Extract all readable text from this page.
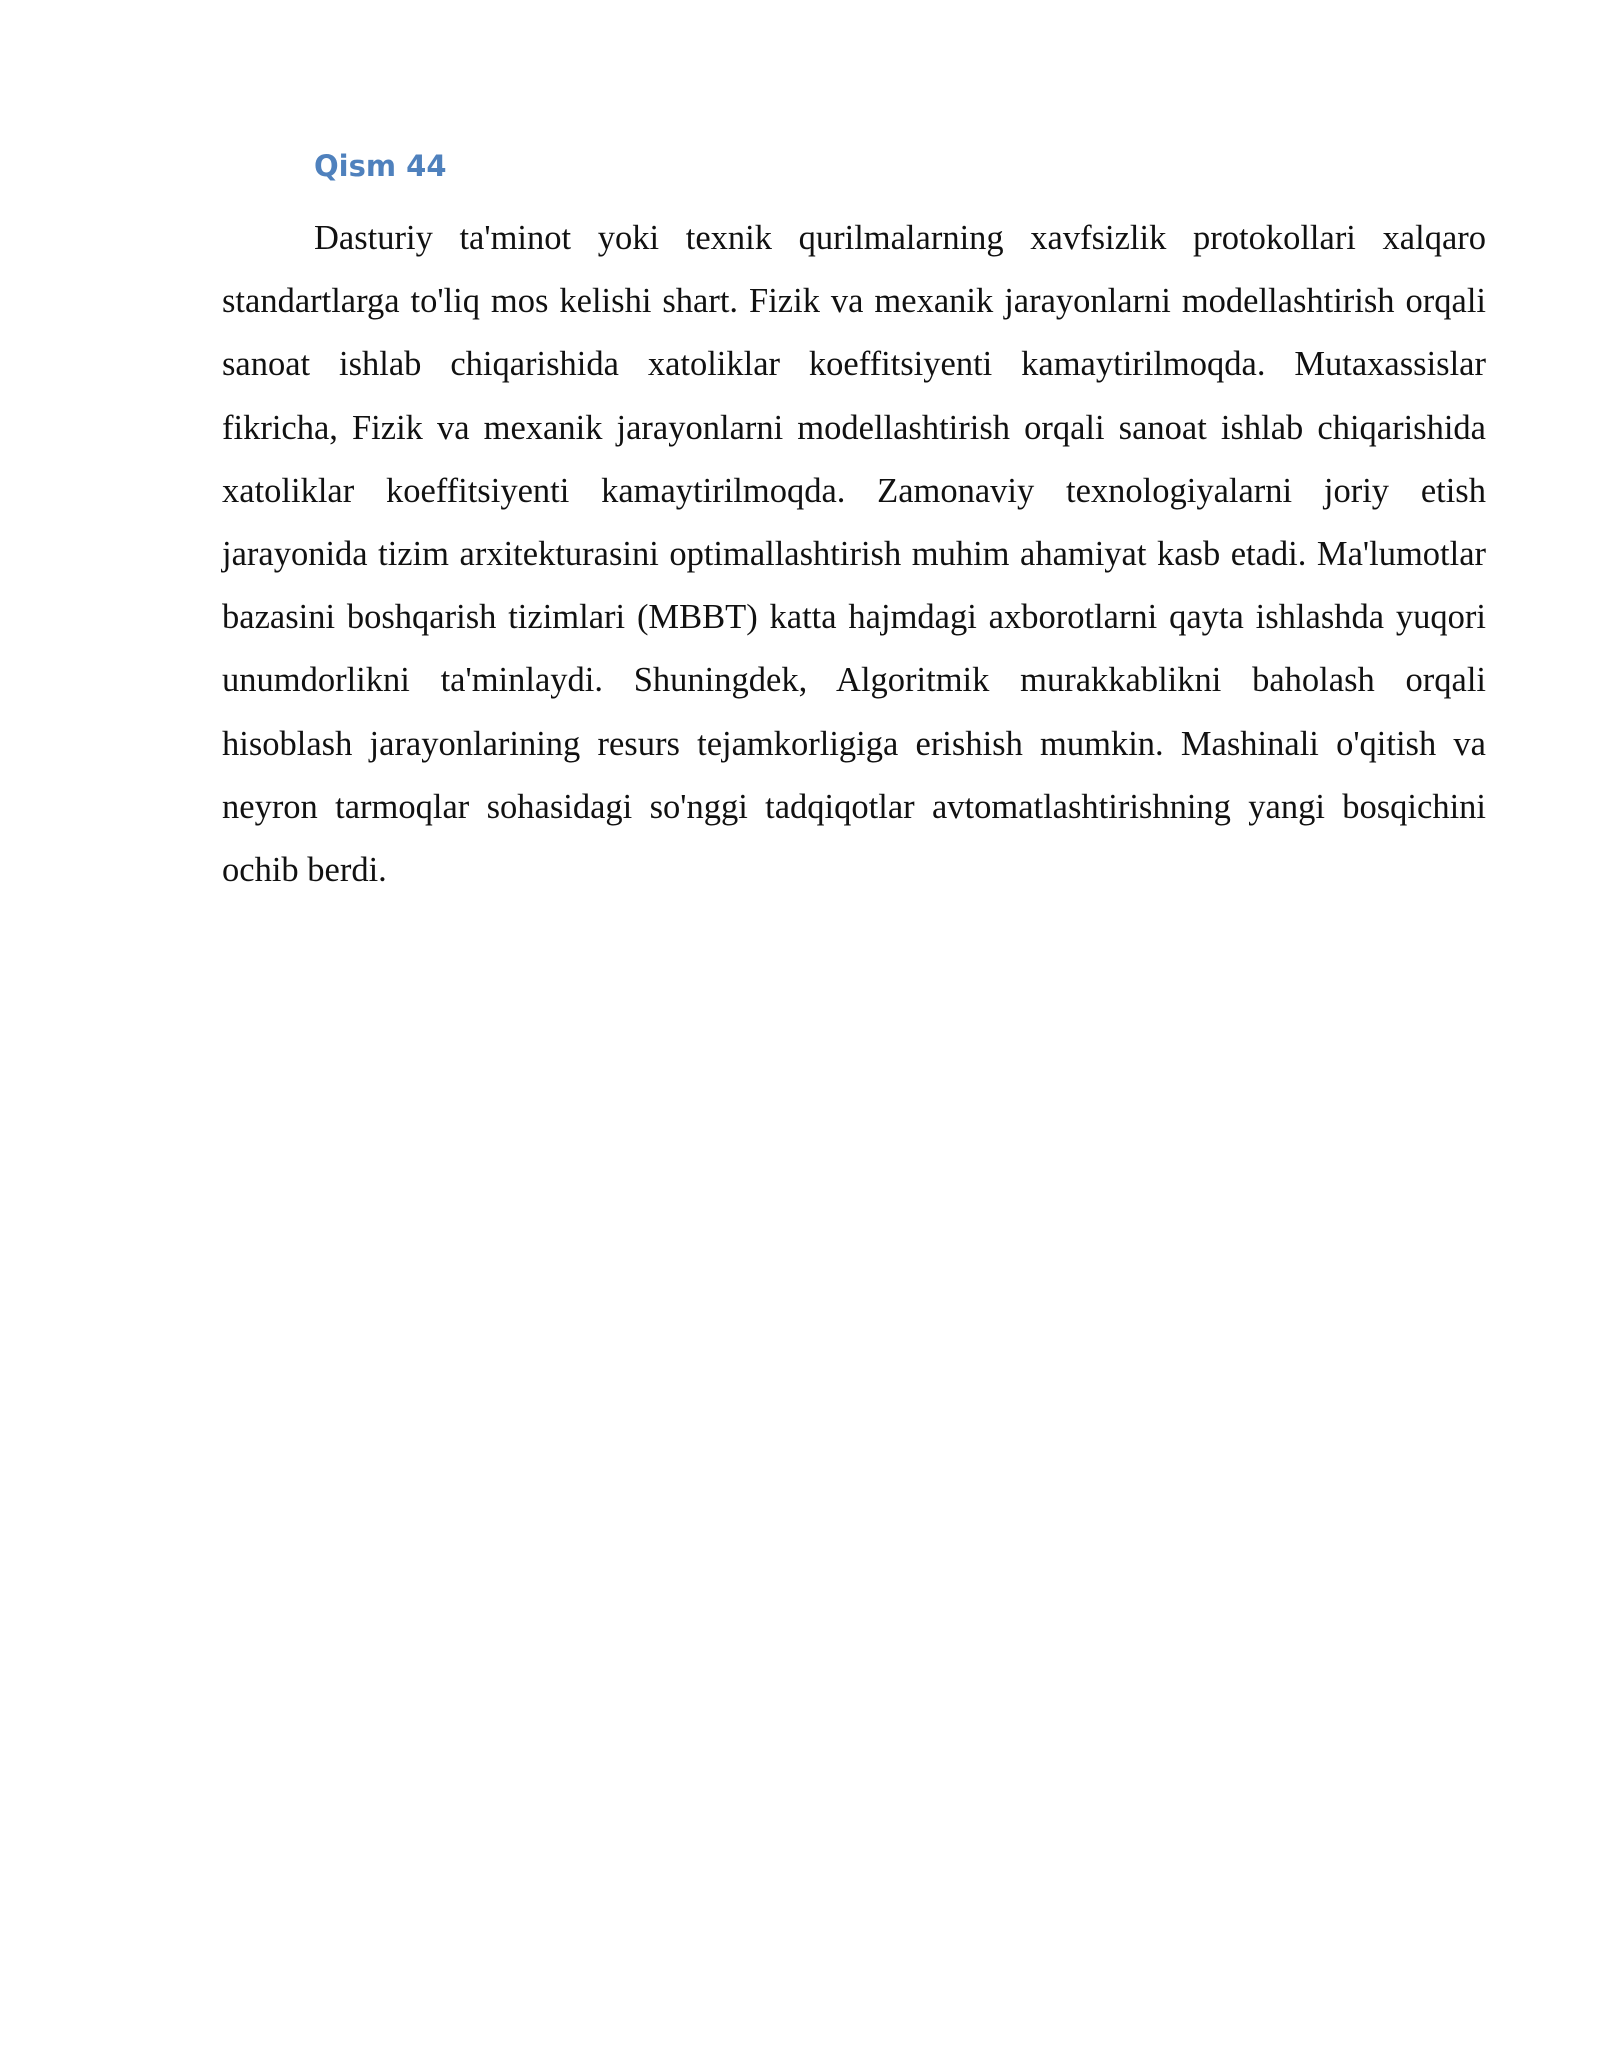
Qism 44

Dasturiy ta'minot yoki texnik qurilmalarning xavfsizlik protokollari xalqaro standartlarga to'liq mos kelishi shart. Fizik va mexanik jarayonlarni modellashtirish orqali sanoat ishlab chiqarishida xatoliklar koeffitsiyenti kamaytirilmoqda. Mutaxassislar fikricha, Fizik va mexanik jarayonlarni modellashtirish orqali sanoat ishlab chiqarishida xatoliklar koeffitsiyenti kamaytirilmoqda. Zamonaviy texnologiyalarni joriy etish jarayonida tizim arxitekturasini optimallashtirish muhim ahamiyat kasb etadi. Ma'lumotlar bazasini boshqarish tizimlari (MBBT) katta hajmdagi axborotlarni qayta ishlashda yuqori unumdorlikni ta'minlaydi. Shuningdek, Algoritmik murakkablikni baholash orqali hisoblash jarayonlarining resurs tejamkorligiga erishish mumkin. Mashinali o'qitish va neyron tarmoqlar sohasidagi so'nggi tadqiqotlar avtomatlashtirishning yangi bosqichini ochib berdi.
